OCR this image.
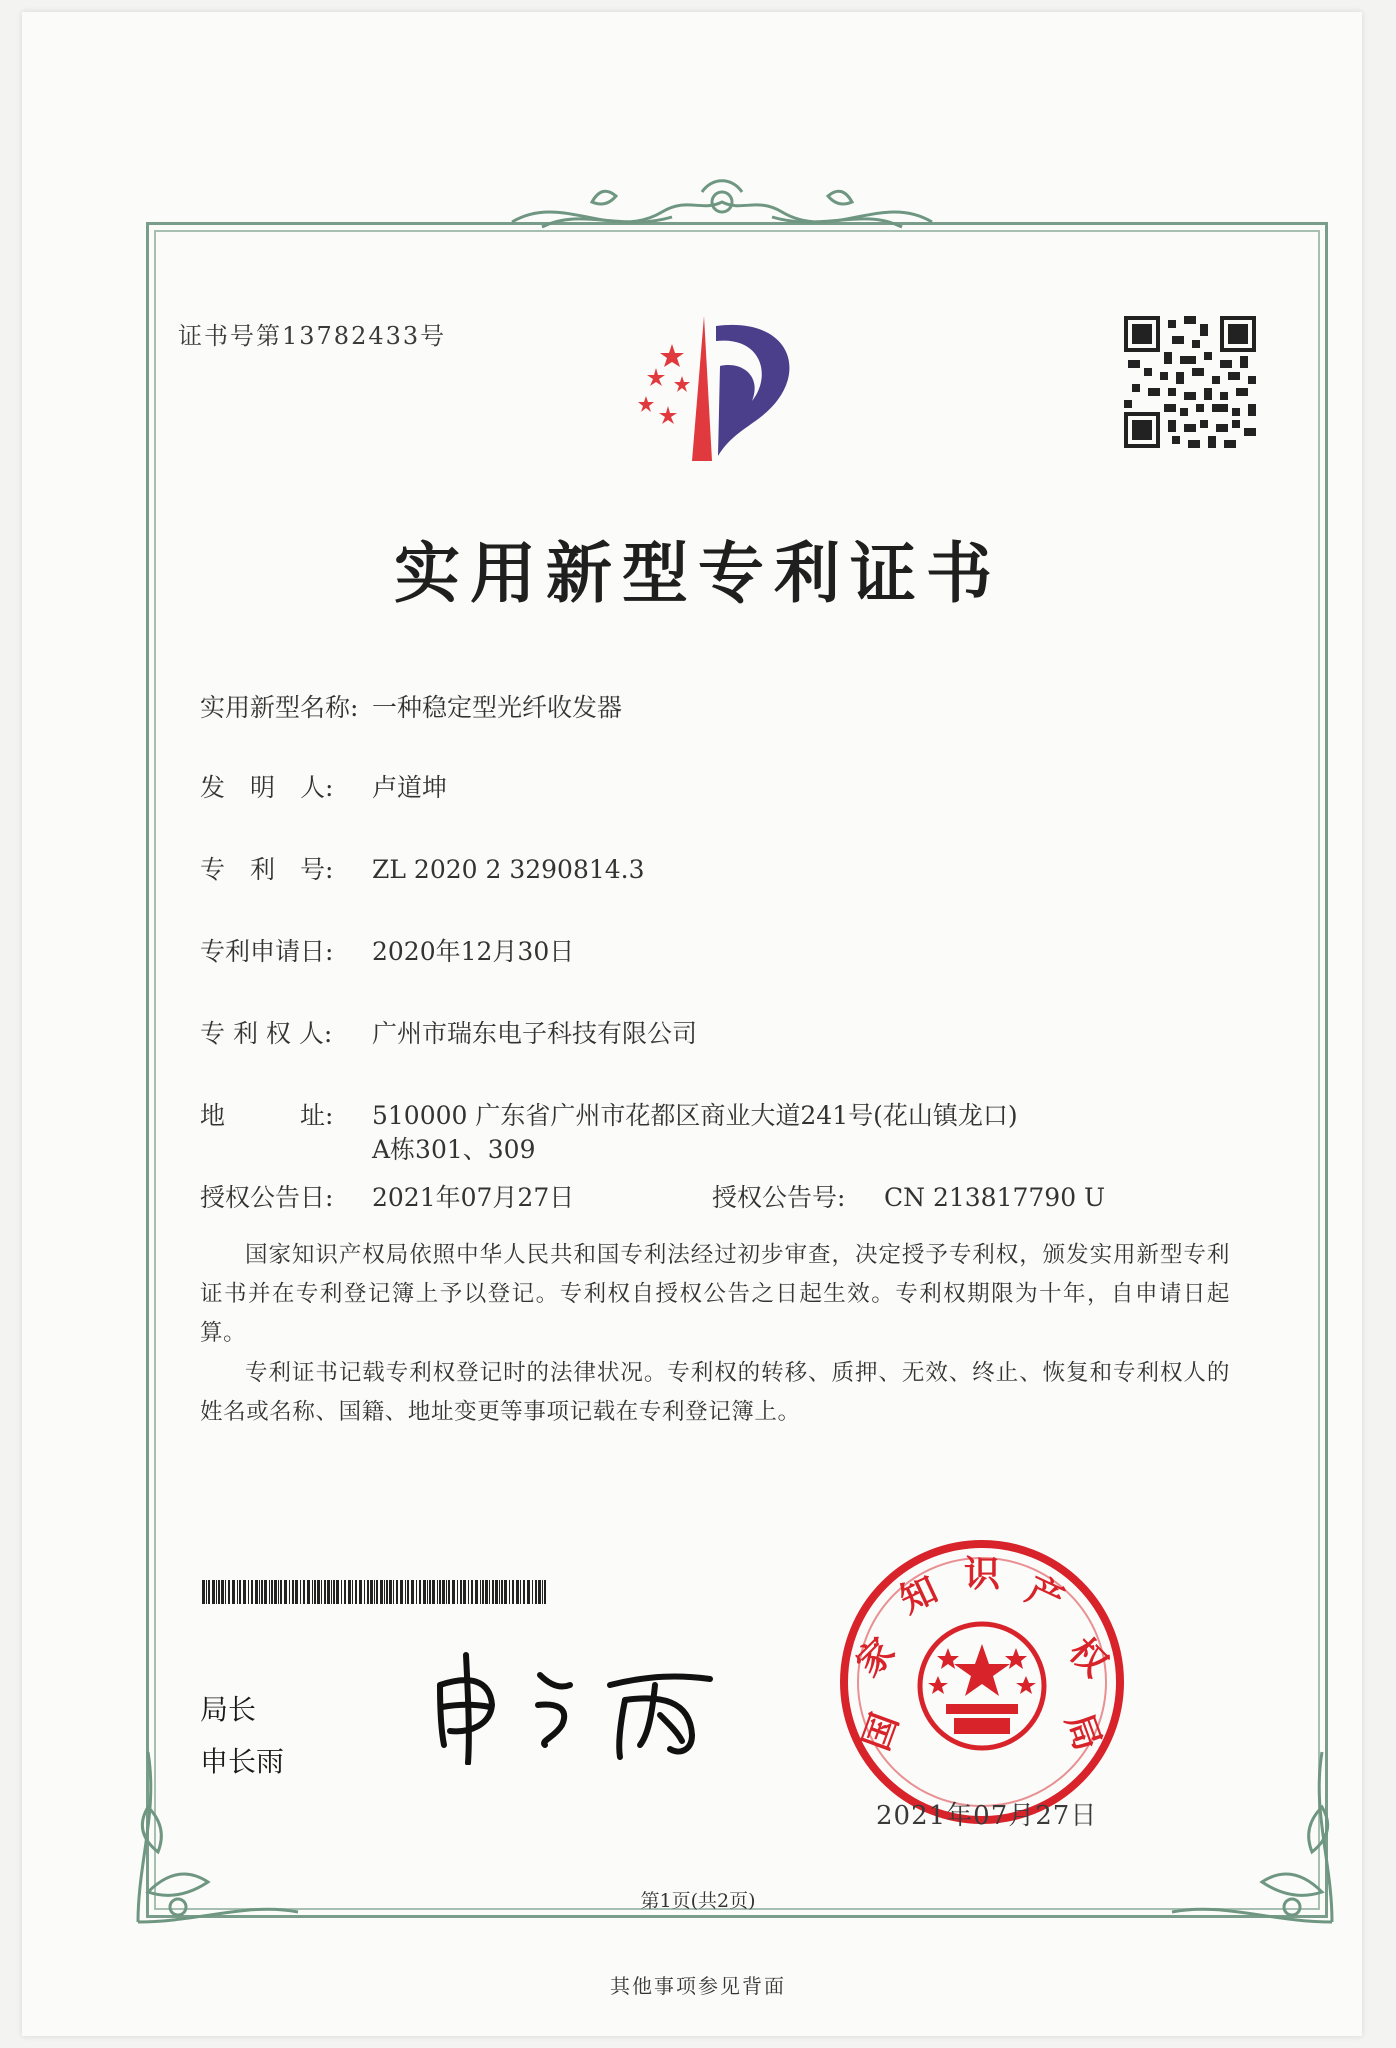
证书号第13782433号
实用新型专利证书
实用新型名称: 一种稳定型光纤收发器
发　明　人: 卢道坤
专　利　号: ZL 2020 2 3290814.3
专利申请日: 2020年12月30日
专 利 权 人: 广州市瑞东电子科技有限公司
地　　　址: 510000 广东省广州市花都区商业大道241号(花山镇龙口)
A栋301、309
授权公告日: 2021年07月27日	授权公告号: CN 213817790 U
国家知识产权局依照中华人民共和国专利法经过初步审查，决定授予专利权，颁发实用新型专利证书并在专利登记簿上予以登记。专利权自授权公告之日起生效。专利权期限为十年，自申请日起算。
专利证书记载专利权登记时的法律状况。专利权的转移、质押、无效、终止、恢复和专利权人的姓名或名称、国籍、地址变更等事项记载在专利登记簿上。
局长
申长雨
国
家
知 识 产
权
局
2021年07月27日
第1页(共2页)
其他事项参见背面
